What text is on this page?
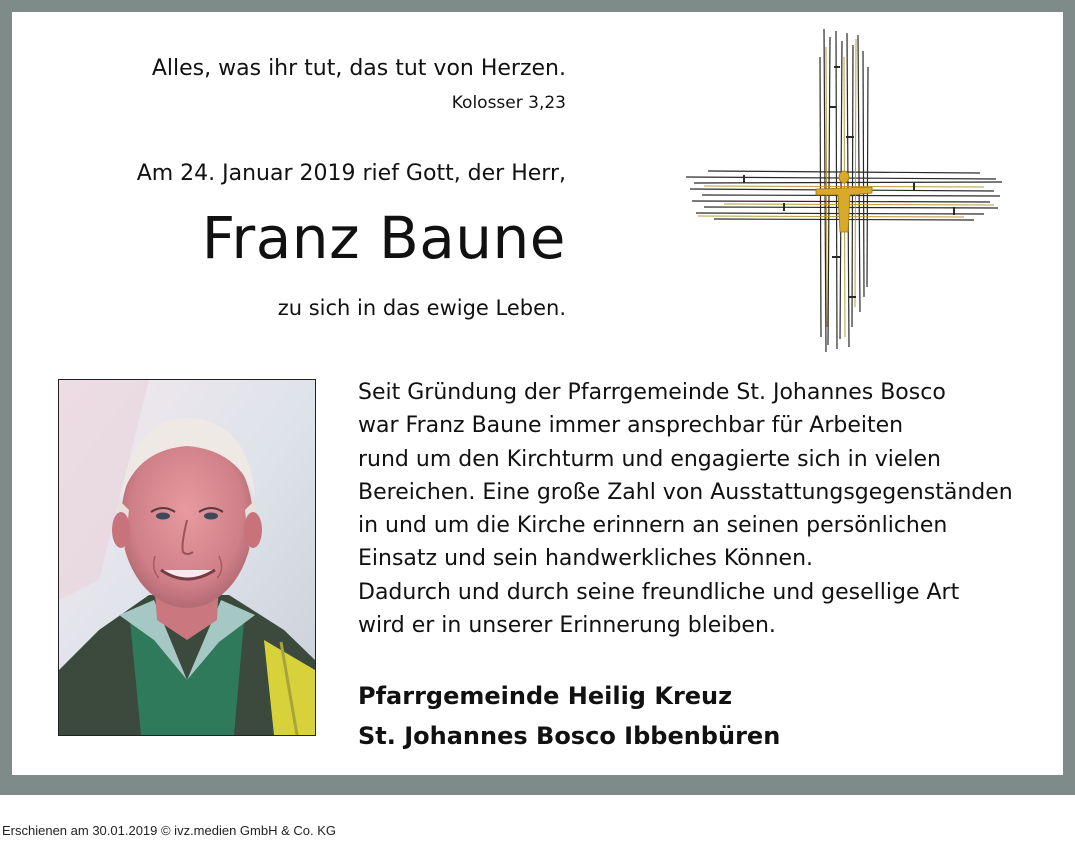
Alles, was ihr tut, das tut von Herzen.
Kolosser 3,23
Am 24. Januar 2019 rief Gott, der Herr,
Franz Baune
zu sich in das ewige Leben.
Seit Gründung der Pfarrgemeinde St. Johannes Bosco
war Franz Baune immer ansprechbar für Arbeiten
rund um den Kirchturm und engagierte sich in vielen
Bereichen. Eine große Zahl von Ausstattungsgegenständen
in und um die Kirche erinnern an seinen persönlichen
Einsatz und sein handwerkliches Können.
Dadurch und durch seine freundliche und gesellige Art
wird er in unserer Erinnerung bleiben.
Pfarrgemeinde Heilig Kreuz
St. Johannes Bosco Ibbenbüren
Erschienen am 30.01.2019 © ivz.medien GmbH & Co. KG
